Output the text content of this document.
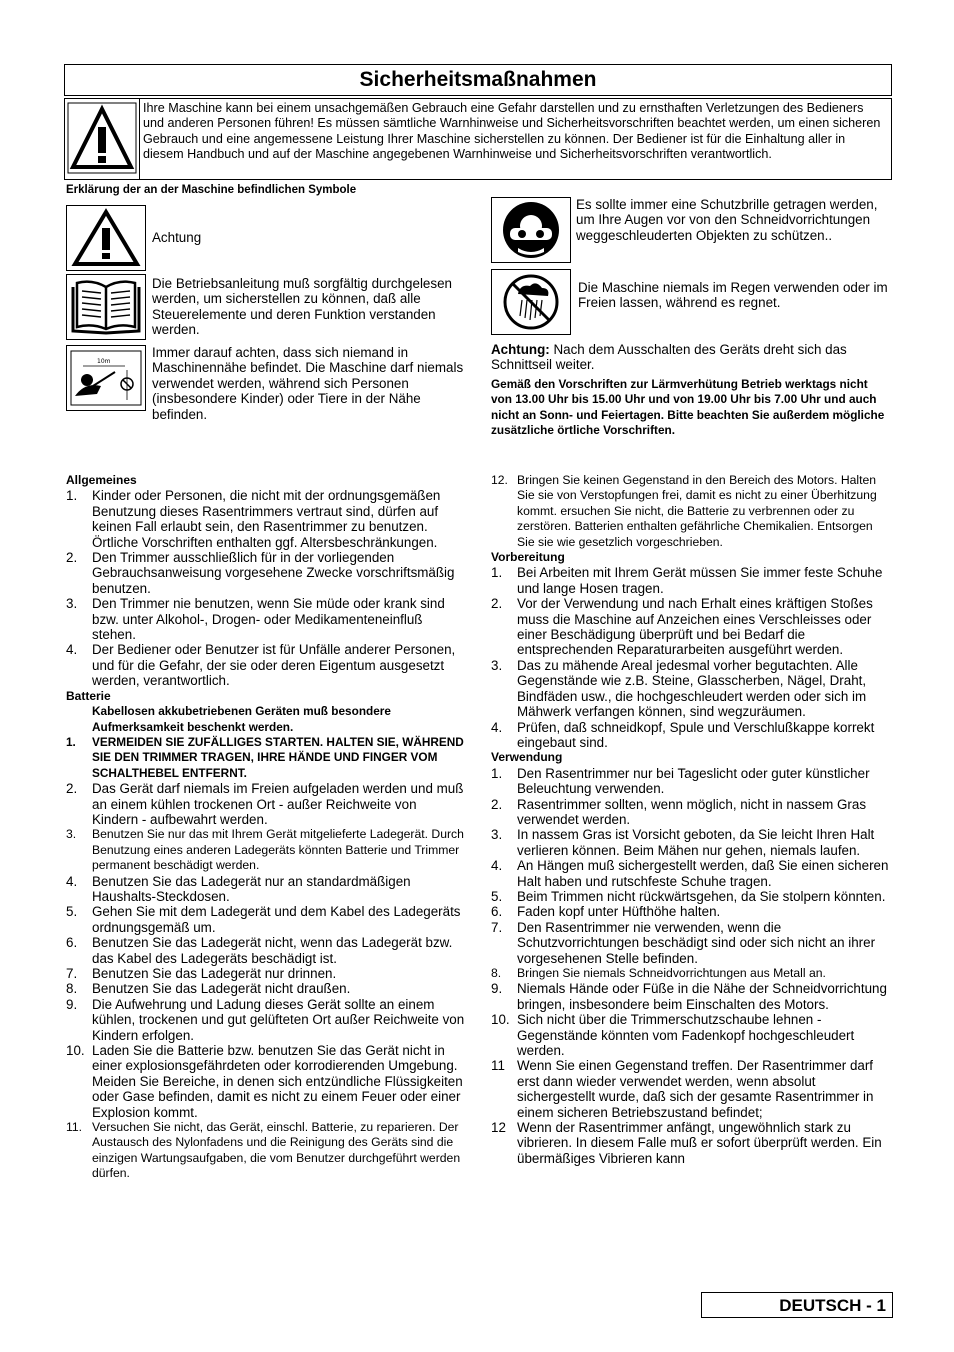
Sicherheitsmaßnahmen
Ihre Maschine kann bei einem unsachgemäßen Gebrauch eine Gefahr darstellen und zu ernsthaften Verletzungen des Bedieners und anderen Personen führen! Es müssen sämtliche Warnhinweise und Sicherheitsvorschriften beachtet werden, um einen sicheren Gebrauch und eine angemessene Leistung Ihrer Maschine sicherstellen zu können. Der Bediener ist für die Einhaltung aller in diesem Handbuch und auf der Maschine angegebenen Warnhinweise und Sicherheitsvorschriften verantwortlich.
Erklärung der an der Maschine befindlichen Symbole
Achtung
Die Betriebsanleitung muß sorgfältig durchgelesen werden, um sicherstellen zu können, daß alle Steuerelemente und deren Funktion verstanden werden.
10m
Immer darauf achten, dass sich niemand in Maschinennähe befindet. Die Maschine darf niemals verwendet werden, während sich Personen (insbesondere Kinder) oder Tiere in der Nähe befinden.
Es sollte immer eine Schutzbrille getragen werden, um Ihre Augen vor von den Schneidvorrichtungen weggeschleuderten Objekten zu schützen..
Die Maschine niemals im Regen verwenden oder im Freien lassen, während es regnet.
Achtung: Nach dem Ausschalten des Geräts dreht sich das Schnittseil weiter.
Gemäß den Vorschriften zur Lärmverhütung Betrieb werktags nicht von 13.00 Uhr bis 15.00 Uhr und von 19.00 Uhr bis 7.00 Uhr und auch nicht an Sonn- und Feiertagen. Bitte beachten Sie außerdem mögliche zusätzliche örtliche Vorschriften.
Allgemeines
1. Kinder oder Personen, die nicht mit der ordnungsgemäßen Benutzung dieses Rasentrimmers vertraut sind, dürfen auf keinen Fall erlaubt sein, den Rasentrimmer zu benutzen. Örtliche Vorschriften enthalten ggf. Altersbeschränkungen.
2. Den Trimmer ausschließlich für in der vorliegenden Gebrauchsanweisung vorgesehene Zwecke vorschriftsmäßig benutzen.
3. Den Trimmer nie benutzen, wenn Sie müde oder krank sind bzw. unter Alkohol-, Drogen- oder Medikamenteneinfluß stehen.
4. Der Bediener oder Benutzer ist für Unfälle anderer Personen, und für die Gefahr, der sie oder deren Eigentum ausgesetzt werden, verantwortlich.
Batterie
Kabellosen akkubetriebenen Geräten muß besondere Aufmerksamkeit beschenkt werden.
1. VERMEIDEN SIE ZUFÄLLIGES STARTEN. HALTEN SIE, WÄHREND SIE DEN TRIMMER TRAGEN, IHRE HÄNDE UND FINGER VOM SCHALTHEBEL ENTFERNT.
2. Das Gerät darf niemals im Freien aufgeladen werden und muß an einem kühlen trockenen Ort - außer Reichweite von Kindern - aufbewahrt werden.
3. Benutzen Sie nur das mit Ihrem Gerät mitgelieferte Ladegerät. Durch Benutzung eines anderen Ladegeräts könnten Batterie und Trimmer permanent beschädigt werden.
4. Benutzen Sie das Ladegerät nur an standardmäßigen Haushalts-Steckdosen.
5. Gehen Sie mit dem Ladegerät und dem Kabel des Ladegeräts ordnungsgemäß um.
6. Benutzen Sie das Ladegerät nicht, wenn das Ladegerät bzw. das Kabel des Ladegeräts beschädigt ist.
7. Benutzen Sie das Ladegerät nur drinnen.
8. Benutzen Sie das Ladegerät nicht draußen.
9. Die Aufwehrung und Ladung dieses Gerät sollte an einem kühlen, trockenen und gut gelüfteten Ort außer Reichweite von Kindern erfolgen.
10. Laden Sie die Batterie bzw. benutzen Sie das Gerät nicht in einer explosionsgefährdeten oder korrodierenden Umgebung. Meiden Sie Bereiche, in denen sich entzündliche Flüssigkeiten oder Gase befinden, damit es nicht zu einem Feuer oder einer Explosion kommt.
11. Versuchen Sie nicht, das Gerät, einschl. Batterie, zu reparieren. Der Austausch des Nylonfadens und die Reinigung des Geräts sind die einzigen Wartungsaufgaben, die vom Benutzer durchgeführt werden dürfen.
12. Bringen Sie keinen Gegenstand in den Bereich des Motors. Halten Sie sie von Verstopfungen frei, damit es nicht zu einer Überhitzung kommt. ersuchen Sie nicht, die Batterie zu verbrennen oder zu zerstören. Batterien enthalten gefährliche Chemikalien. Entsorgen Sie sie wie gesetzlich vorgeschrieben.
Vorbereitung
1. Bei Arbeiten mit Ihrem Gerät müssen Sie immer feste Schuhe und lange Hosen tragen.
2. Vor der Verwendung und nach Erhalt eines kräftigen Stoßes muss die Maschine auf Anzeichen eines Verschleisses oder einer Beschädigung überprüft und bei Bedarf die entsprechenden Reparaturarbeiten ausgeführt werden.
3. Das zu mähende Areal jedesmal vorher begutachten. Alle Gegenstände wie z.B. Steine, Glasscherben, Nägel, Draht, Bindfäden usw., die hochgeschleudert werden oder sich im Mähwerk verfangen können, sind wegzuräumen.
4. Prüfen, daß schneidkopf, Spule und Verschlußkappe korrekt eingebaut sind.
Verwendung
1. Den Rasentrimmer nur bei Tageslicht oder guter künstlicher Beleuchtung verwenden.
2. Rasentrimmer sollten, wenn möglich, nicht in nassem Gras verwendet werden.
3. In nassem Gras ist Vorsicht geboten, da Sie leicht Ihren Halt verlieren können. Beim Mähen nur gehen, niemals laufen.
4. An Hängen muß sichergestellt werden, daß Sie einen sicheren Halt haben und rutschfeste Schuhe tragen.
5. Beim Trimmen nicht rückwärtsgehen, da Sie stolpern könnten.
6. Faden kopf unter Hüfthöhe halten.
7. Den Rasentrimmer nie verwenden, wenn die Schutzvorrichtungen beschädigt sind oder sich nicht an ihrer vorgesehenen Stelle befinden.
8. Bringen Sie niemals Schneidvorrichtungen aus Metall an.
9. Niemals Hände oder Füße in die Nähe der Schneidvorrichtung bringen, insbesondere beim Einschalten des Motors.
10. Sich nicht über die Trimmerschutzschaube lehnen - Gegenstände könnten vom Fadenkopf hochgeschleudert werden.
11 Wenn Sie einen Gegenstand treffen. Der Rasentrimmer darf erst dann wieder verwendet werden, wenn absolut sichergestellt wurde, daß sich der gesamte Rasentrimmer in einem sicheren Betriebszustand befindet;
12 Wenn der Rasentrimmer anfängt, ungewöhnlich stark zu vibrieren. In diesem Falle muß er sofort überprüft werden. Ein übermäßiges Vibrieren kann
DEUTSCH - 1
